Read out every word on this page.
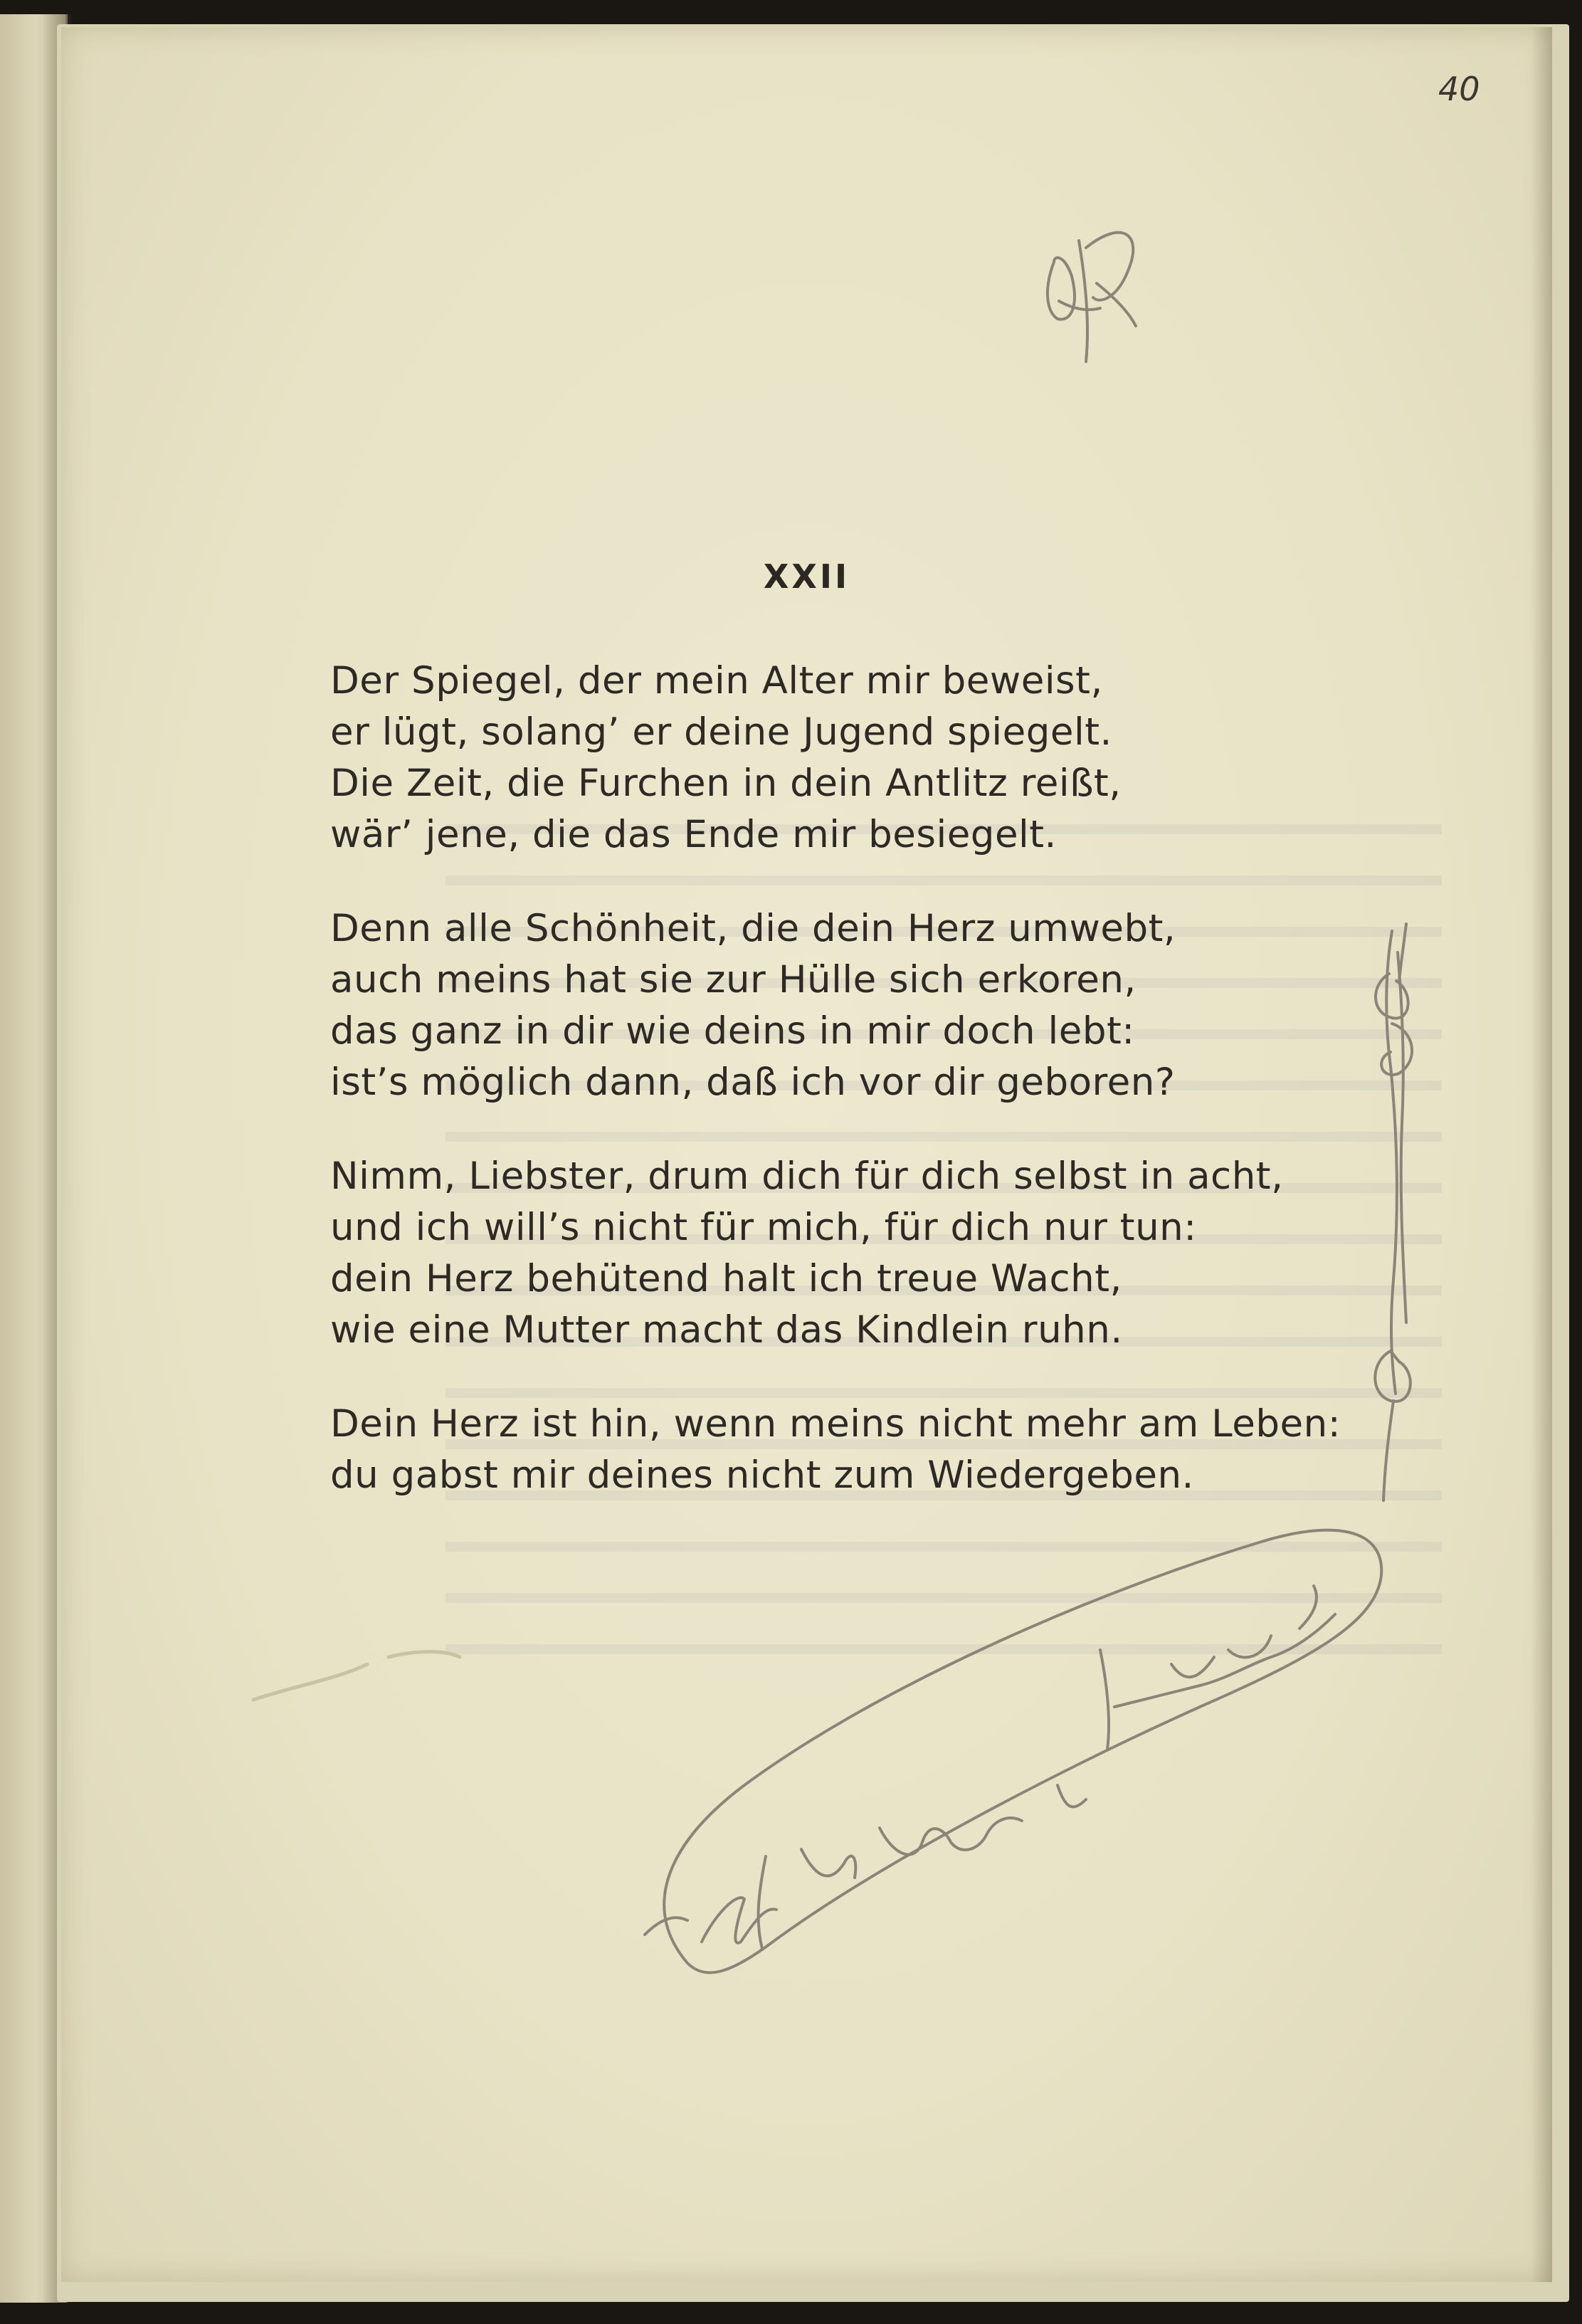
40
XXII
Der Spiegel, der mein Alter mir beweist,
er lügt, solang’ er deine Jugend spiegelt.
Die Zeit, die Furchen in dein Antlitz reißt,
wär’ jene, die das Ende mir besiegelt.
Denn alle Schönheit, die dein Herz umwebt,
auch meins hat sie zur Hülle sich erkoren,
das ganz in dir wie deins in mir doch lebt:
ist’s möglich dann, daß ich vor dir geboren?
Nimm, Liebster, drum dich für dich selbst in acht,
und ich will’s nicht für mich, für dich nur tun:
dein Herz behütend halt ich treue Wacht,
wie eine Mutter macht das Kindlein ruhn.
Dein Herz ist hin, wenn meins nicht mehr am Leben:
du gabst mir deines nicht zum Wiedergeben.
